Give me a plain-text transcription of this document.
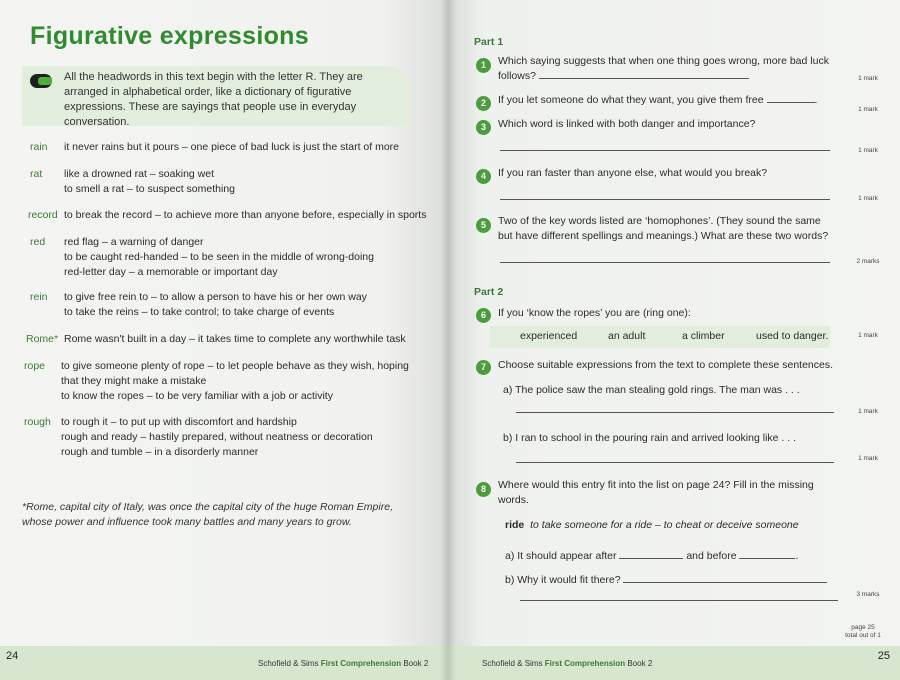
Figurative expressions
All the headwords in this text begin with the letter R. They are arranged in alphabetical order, like a dictionary of figurative expressions. These are sayings that people use in everyday conversation.
rain	it never rains but it pours – one piece of bad luck is just the start of more
rat	like a drowned rat – soaking wet
to smell a rat – to suspect something
record to break the record – to achieve more than anyone before, especially in sports
red	red flag – a warning of danger
to be caught red-handed – to be seen in the middle of wrong-doing
red-letter day – a memorable or important day
rein	to give free rein to – to allow a person to have his or her own way
to take the reins – to take control; to take charge of events
Rome* Rome wasn't built in a day – it takes time to complete any worthwhile task
rope	to give someone plenty of rope – to let people behave as they wish, hoping
that they might make a mistake
to know the ropes – to be very familiar with a job or activity
rough to rough it – to put up with discomfort and hardship
rough and ready – hastily prepared, without neatness or decoration
rough and tumble – in a disorderly manner
*Rome, capital city of Italy, was once the capital city of the huge Roman Empire, whose power and influence took many battles and many years to grow.
24
Schofield & Sims First Comprehension Book 2
Part 1
1	Which saying suggests that when one thing goes wrong, more bad luck follows?	1 mark
2	If you let someone do what they want, you give them free	.
1 mark
3	Which word is linked with both danger and importance?
1 mark
4	If you ran faster than anyone else, what would you break?
1 mark
5	Two of the key words listed are ‘homophones’. (They sound the same but have different spellings and meanings.) What are these two words?
2 marks
Part 2
6	If you ‘know the ropes’ you are (ring one):
experienced	an adult	a climber	used to danger.	1 mark
7	Choose suitable expressions from the text to complete these sentences.
a) The police saw the man stealing gold rings. The man was . . .
1 mark
b) I ran to school in the pouring rain and arrived looking like . . .
1 mark
8	Where would this entry fit into the list on page 24? Fill in the missing words.
ride to take someone for a ride – to cheat or deceive someone
a) It should appear after	and before	.
b) Why it would fit there?
3 marks
page 25
total out of 1
25
Schofield & Sims First Comprehension Book 2
